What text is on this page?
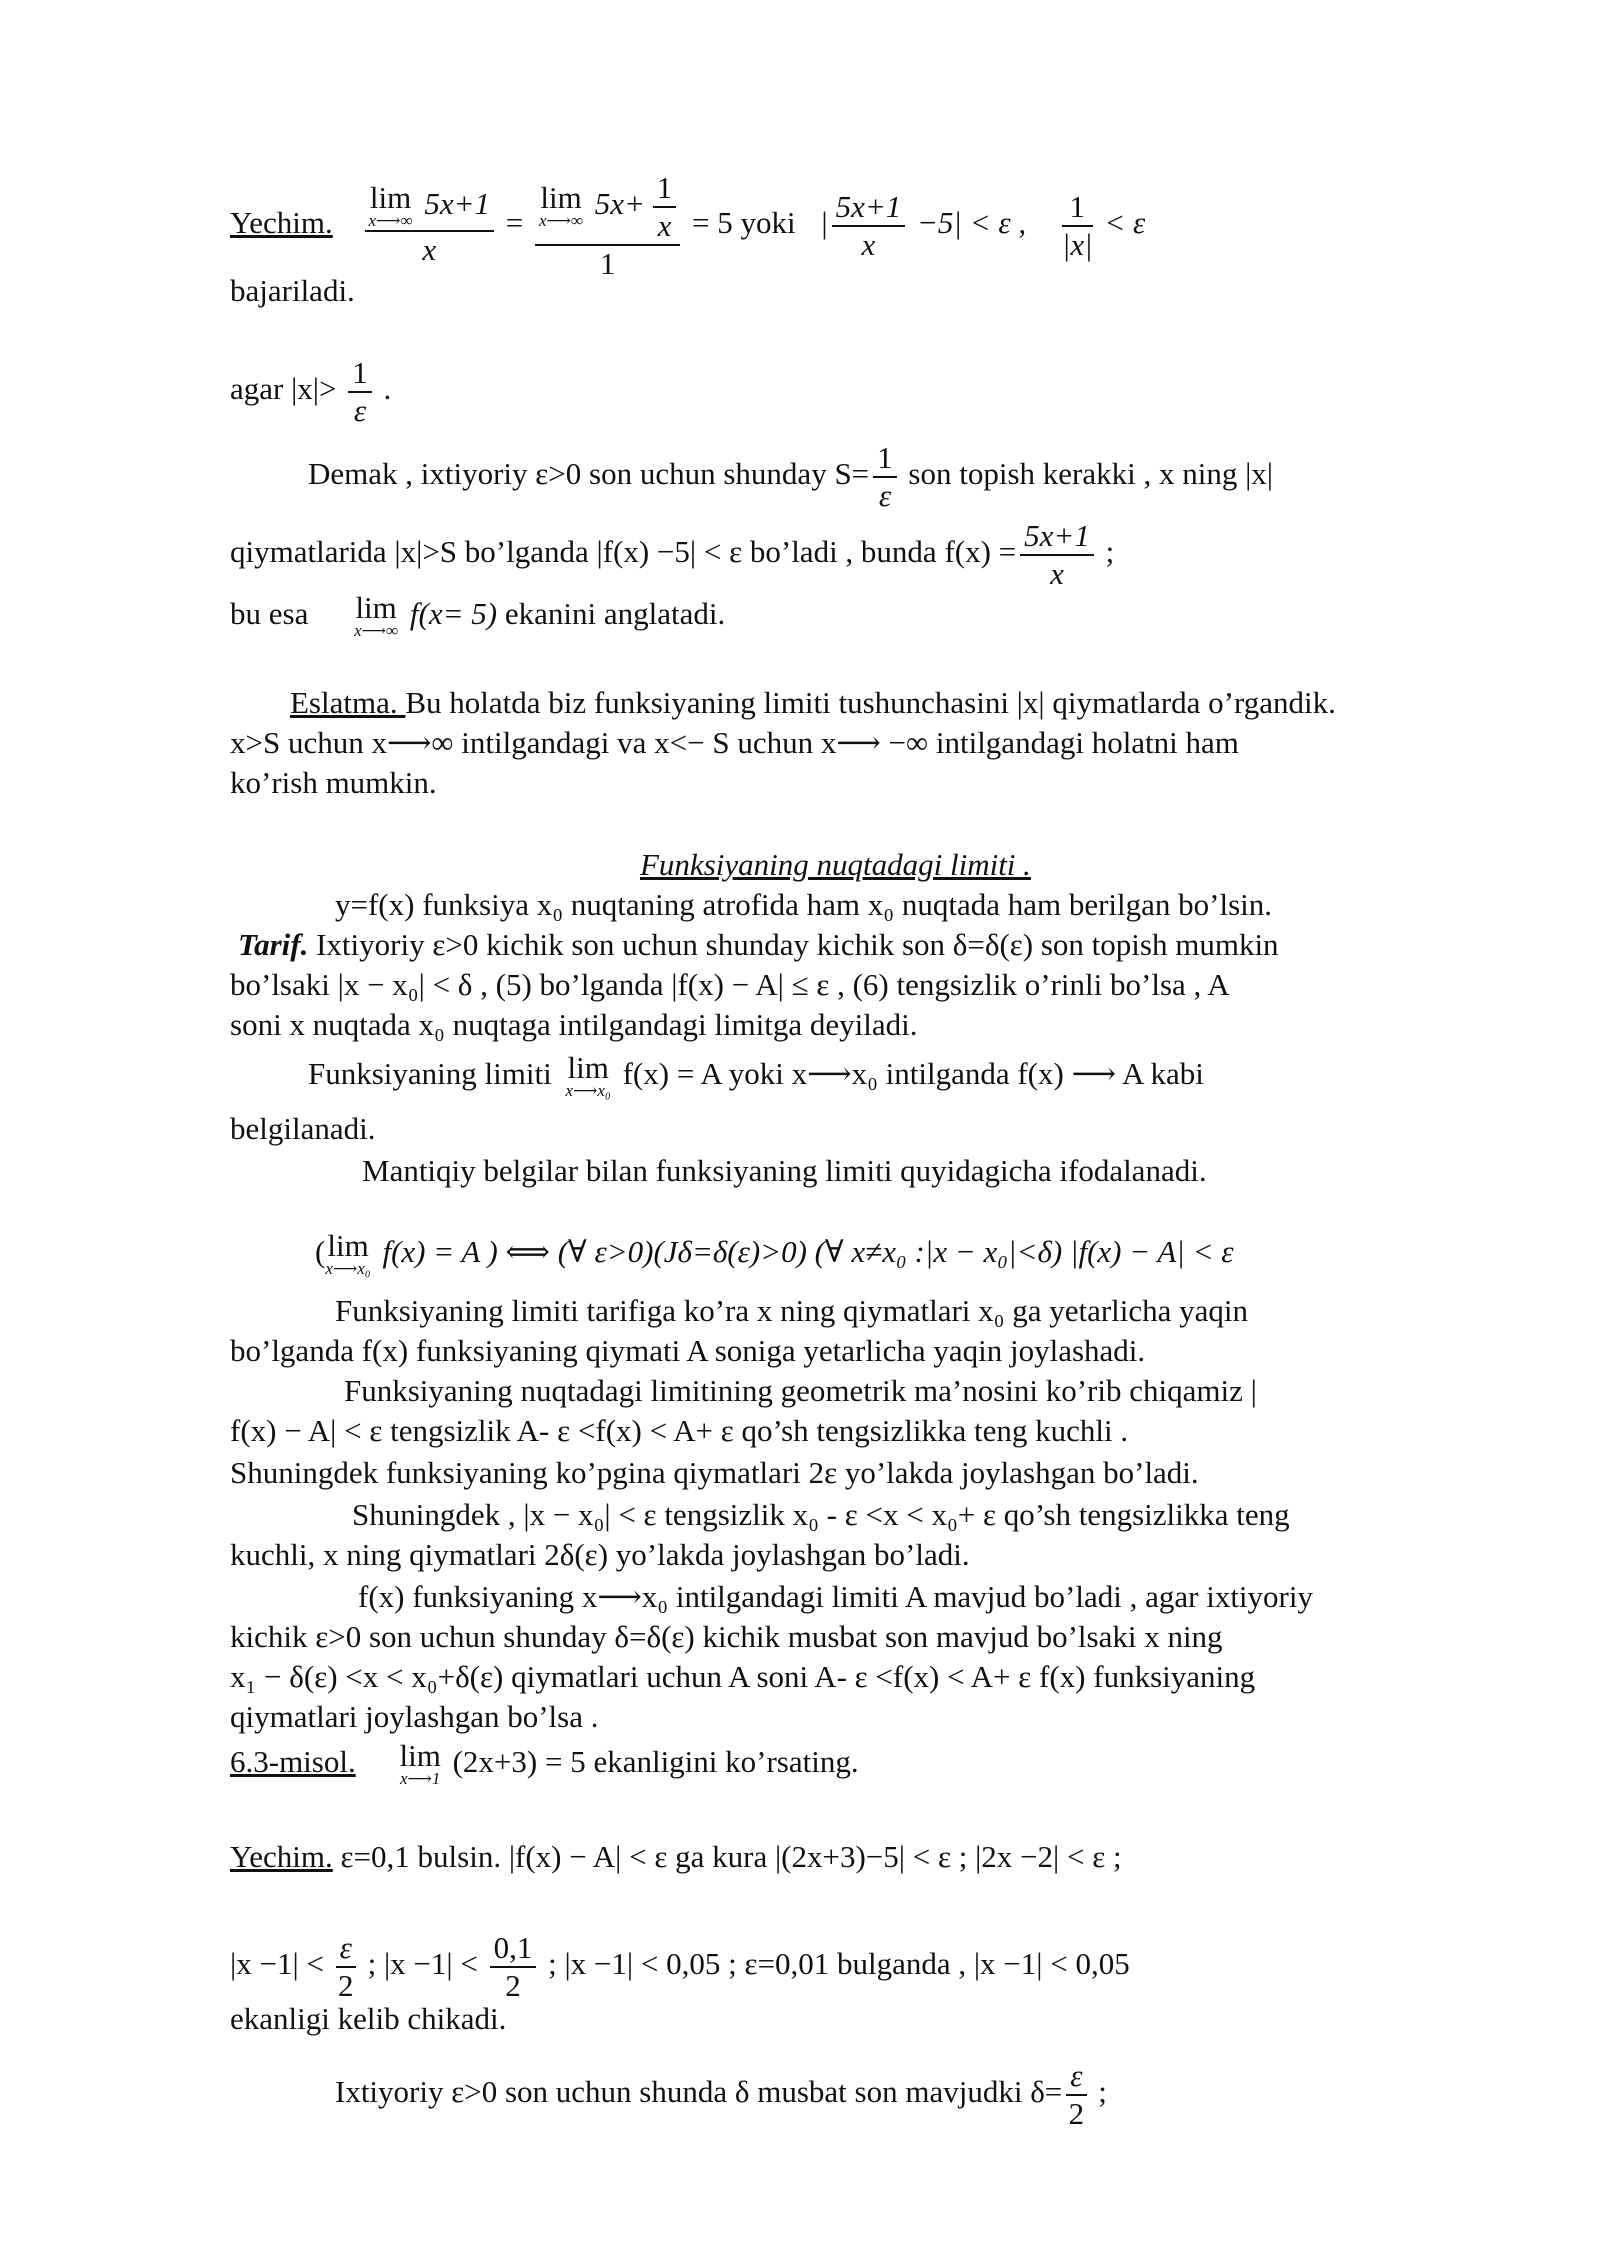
Yechim. lim
x⟶∞ 5x+1
x = lim
x⟶∞ $5x+ \frac{1}{x}$
1 = 5 yoki | $\frac{5x+1}{x} -5| < \varepsilon$ , $\frac{1}{|x|} < \varepsilon$
bajariladi.
agar $|x|> \frac{1}{\varepsilon}$ .
Demak , ixtiyoriy ε>0 son uchun shunday $S= \frac{1}{\varepsilon}$ son topish kerakki , x ning |x|
qiymatlarida |x|>S bo’lganda |f(x) −5| < ε bo’ladi , bunda $f(x) = \frac{5x+1}{x}$ ;
bu esa lim
x⟶∞ f(x= 5) ekanini anglatadi.
Eslatma. Bu holatda biz funksiyaning limiti tushunchasini |x| qiymatlarda o’rgandik.
x>S uchun x⟶∞ intilgandagi va x<− S uchun x⟶ −∞ intilgandagi holatni ham
ko’rish mumkin.
Funksiyaning nuqtadagi limiti .
y=f(x) funksiya x₀ nuqtaning atrofida ham x₀ nuqtada ham berilgan bo’lsin.
Tarif. Ixtiyoriy ε>0 kichik son uchun shunday kichik son δ=δ(ε) son topish mumkin
bo’lsaki |x − x₀| < δ , (5) bo’lganda |f(x) − A| ≤ ε , (6) tengsizlik o’rinli bo’lsa , A
soni x nuqtada x₀ nuqtaga intilgandagi limitga deyiladi.
Funksiyaning limiti lim
x⟶x₀ f(x) = A yoki x⟶x₀ intilganda f(x) ⟶ A kabi
belgilanadi.
Mantiqiy belgilar bilan funksiyaning limiti quyidagicha ifodalanadi.
(lim
x⟶x₀ f(x) = A ) ⟺ (∀ ε>0)(Jδ=δ(ε)>0) (∀ x≠x₀ :|x − x₀|<δ) |f(x) − A| < ε
Funksiyaning limiti tarifiga ko’ra x ning qiymatlari x₀ ga yetarlicha yaqin
bo’lganda f(x) funksiyaning qiymati A soniga yetarlicha yaqin joylashadi.
Funksiyaning nuqtadagi limitining geometrik ma’nosini ko’rib chiqamiz |
f(x) − A| < ε tengsizlik A- ε <f(x) < A+ ε qo’sh tengsizlikka teng kuchli .
Shuningdek funksiyaning ko’pgina qiymatlari 2ε yo’lakda joylashgan bo’ladi.
Shuningdek , |x − x₀| < ε tengsizlik x₀ - ε <x < x₀+ ε qo’sh tengsizlikka teng
kuchli, x ning qiymatlari 2δ(ε) yo’lakda joylashgan bo’ladi.
f(x) funksiyaning x⟶x₀ intilgandagi limiti A mavjud bo’ladi , agar ixtiyoriy
kichik ε>0 son uchun shunday δ=δ(ε) kichik musbat son mavjud bo’lsaki x ning
x₁ − δ(ε) <x < x₀+δ(ε) qiymatlari uchun A soni A- ε <f(x) < A+ ε f(x) funksiyaning
qiymatlari joylashgan bo’lsa .
6.3-misol. lim
x⟶1 (2x+3) = 5 ekanligini ko’rsating.
Yechim. ε=0,1 bulsin. |f(x) − A| < ε ga kura |(2x+3)−5| < ε ; |2x −2| < ε ;
$|x -1| < \frac{\varepsilon}{2}$ ; $|x -1| < \frac{0,1}{2}$ ; |x −1| < 0,05 ; ε=0,01 bulganda , |x −1| < 0,05
ekanligi kelib chikadi.
Ixtiyoriy ε>0 son uchun shunda δ musbat son mavjudki $\delta= \frac{\varepsilon}{2}$ ;
